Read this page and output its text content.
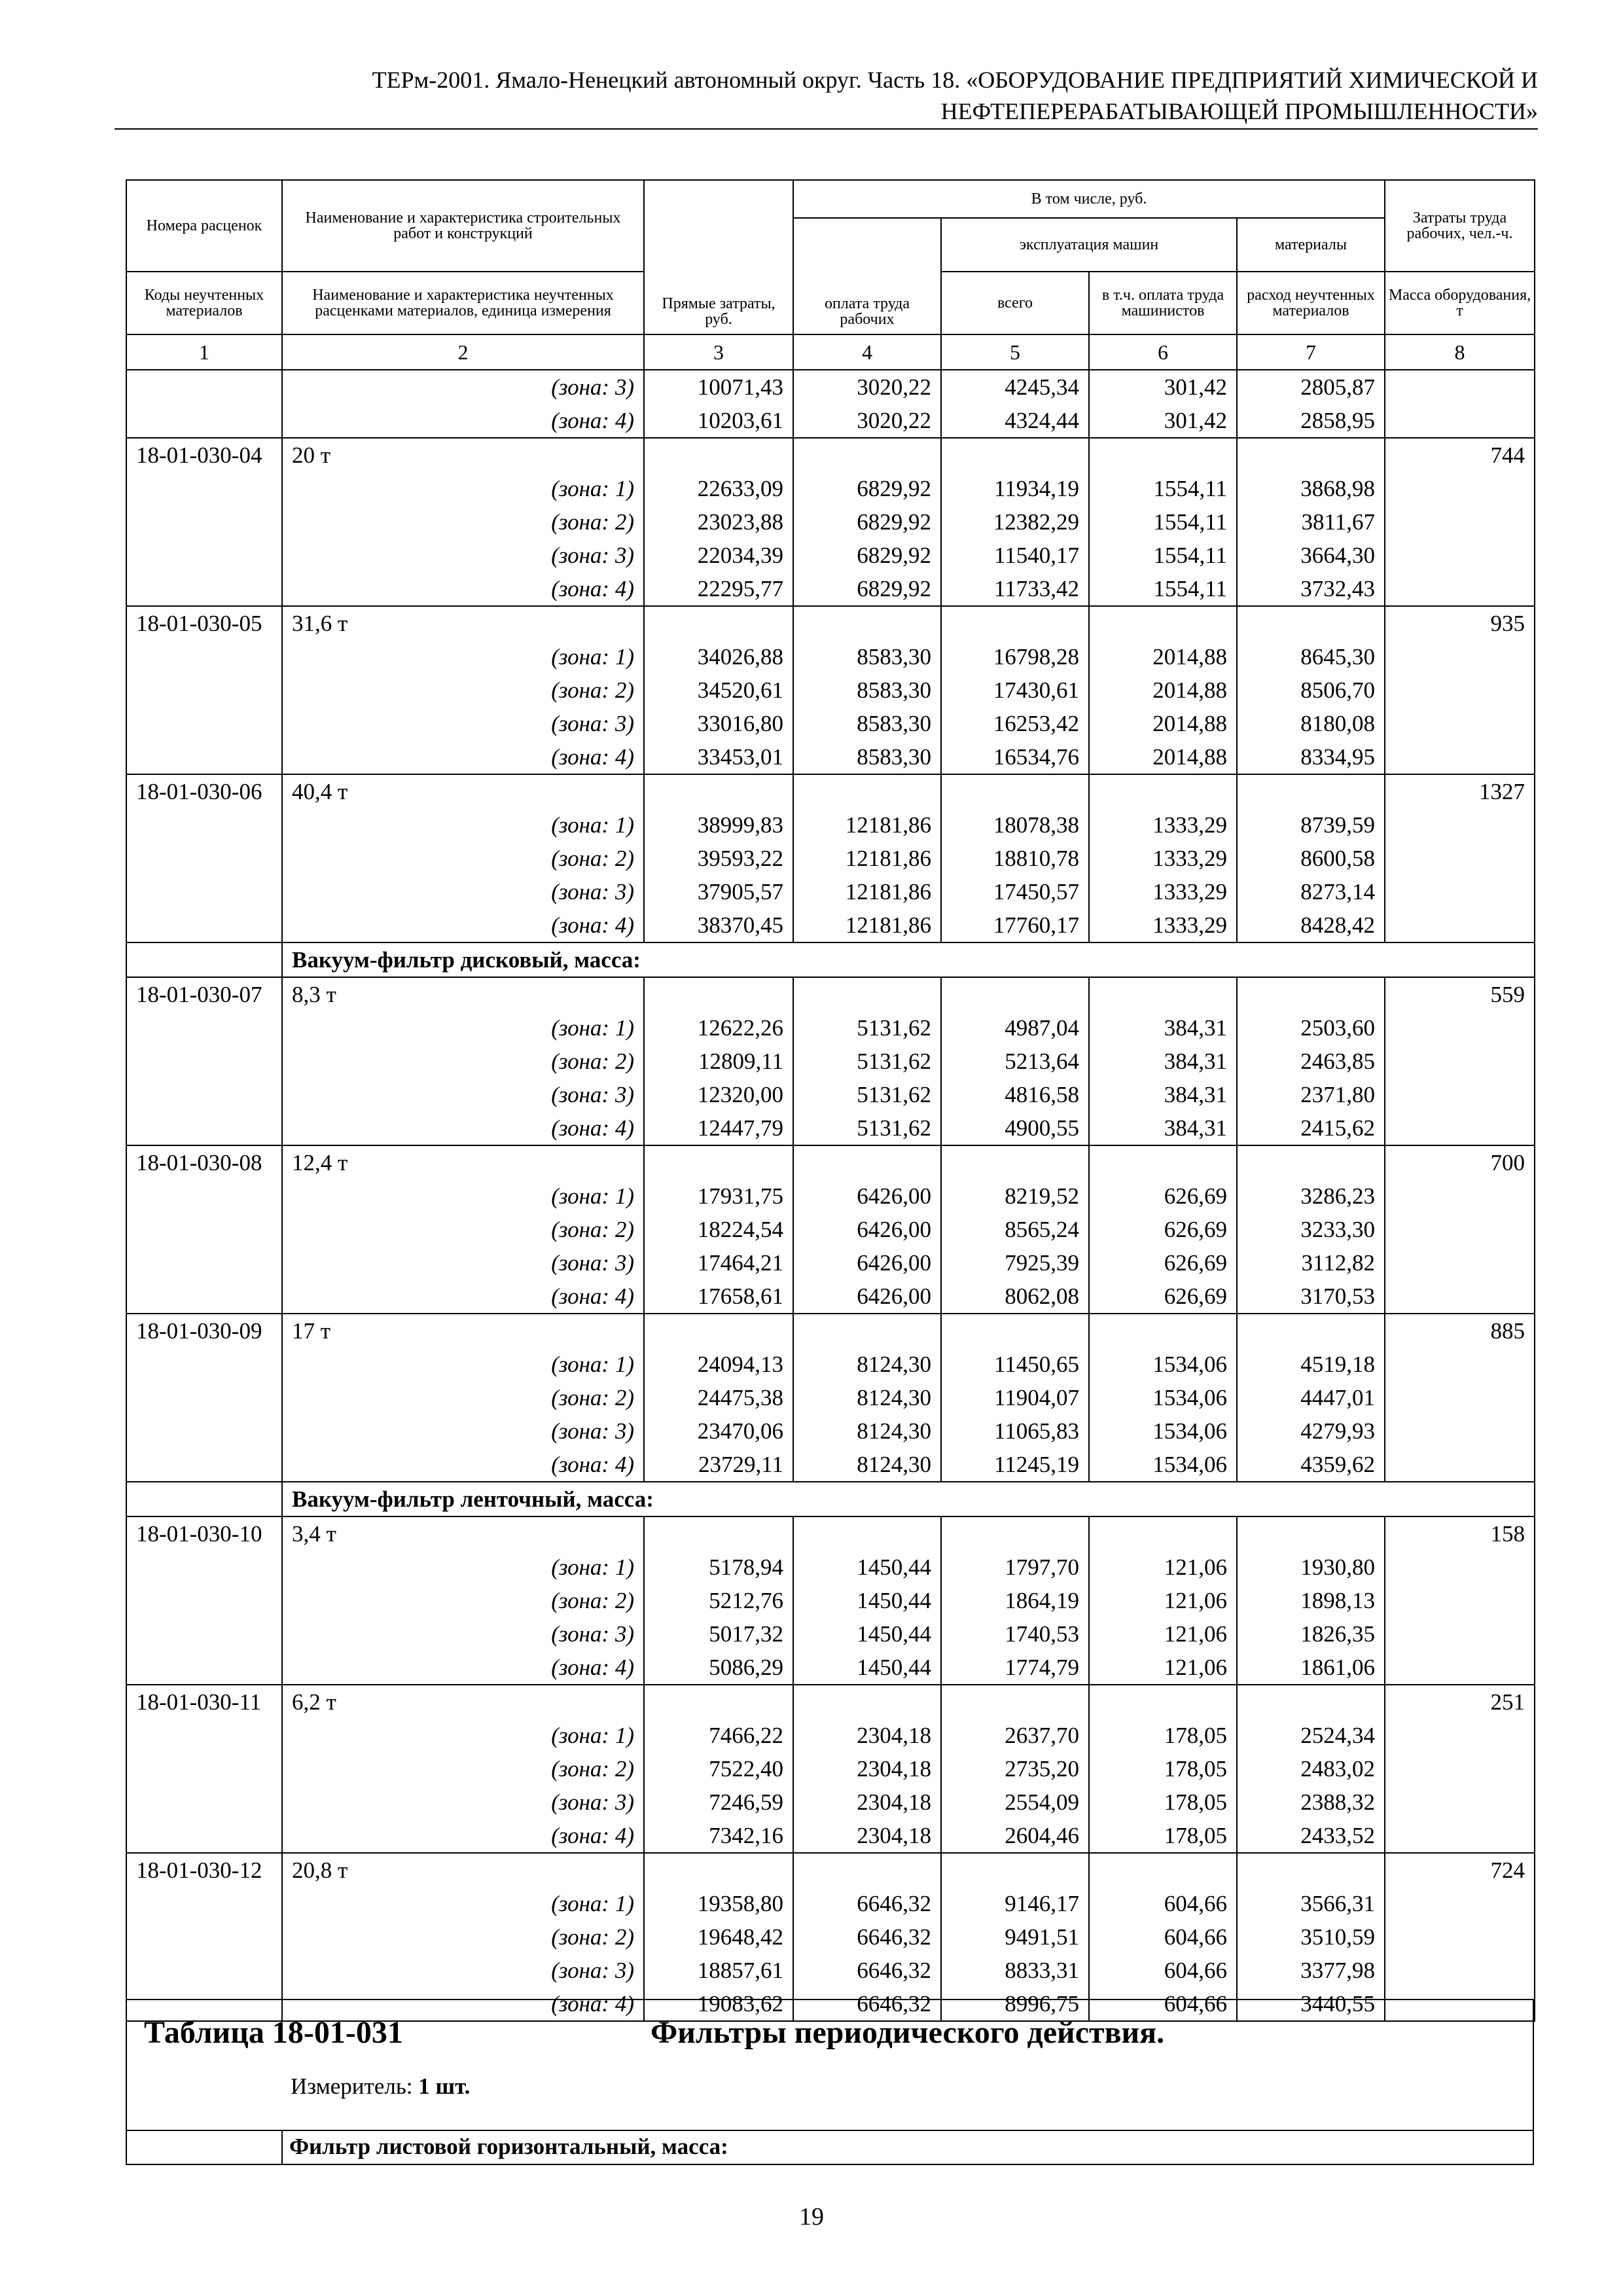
ТЕРм-2001. Ямало-Ненецкий автономный округ. Часть 18. «ОБОРУДОВАНИЕ ПРЕДПРИЯТИЙ ХИМИЧЕСКОЙ И
НЕФТЕПЕРЕРАБАТЫВАЮЩЕЙ ПРОМЫШЛЕННОСТИ»
Номера расценок	Наименование и характеристика строительных работ и конструкций	Прямые затраты, руб.	В том числе, руб.				Затраты труда рабочих, чел.-ч.
			оплата труда рабочих	эксплуатация машин		материалы	
Коды неучтенных материалов	Наименование и характеристика неучтенных расценками материалов, единица измерения			всего	в т.ч. оплата труда машинистов	расход неучтенных материалов	Масса оборудования, т
1	2	3	4	5	6	7	8
	(зона: 3)	10071,43	3020,22	4245,34	301,42	2805,87	
	(зона: 4)	10203,61	3020,22	4324,44	301,42	2858,95	
18-01-030-04	20 т						744
	(зона: 1)	22633,09	6829,92	11934,19	1554,11	3868,98	
	(зона: 2)	23023,88	6829,92	12382,29	1554,11	3811,67	
	(зона: 3)	22034,39	6829,92	11540,17	1554,11	3664,30	
	(зона: 4)	22295,77	6829,92	11733,42	1554,11	3732,43	
18-01-030-05	31,6 т						935
	(зона: 1)	34026,88	8583,30	16798,28	2014,88	8645,30	
	(зона: 2)	34520,61	8583,30	17430,61	2014,88	8506,70	
	(зона: 3)	33016,80	8583,30	16253,42	2014,88	8180,08	
	(зона: 4)	33453,01	8583,30	16534,76	2014,88	8334,95	
18-01-030-06	40,4 т						1327
	(зона: 1)	38999,83	12181,86	18078,38	1333,29	8739,59	
	(зона: 2)	39593,22	12181,86	18810,78	1333,29	8600,58	
	(зона: 3)	37905,57	12181,86	17450,57	1333,29	8273,14	
	(зона: 4)	38370,45	12181,86	17760,17	1333,29	8428,42	
	Вакуум-фильтр дисковый, масса:						
18-01-030-07	8,3 т						559
	(зона: 1)	12622,26	5131,62	4987,04	384,31	2503,60	
	(зона: 2)	12809,11	5131,62	5213,64	384,31	2463,85	
	(зона: 3)	12320,00	5131,62	4816,58	384,31	2371,80	
	(зона: 4)	12447,79	5131,62	4900,55	384,31	2415,62	
18-01-030-08	12,4 т						700
	(зона: 1)	17931,75	6426,00	8219,52	626,69	3286,23	
	(зона: 2)	18224,54	6426,00	8565,24	626,69	3233,30	
	(зона: 3)	17464,21	6426,00	7925,39	626,69	3112,82	
	(зона: 4)	17658,61	6426,00	8062,08	626,69	3170,53	
18-01-030-09	17 т						885
	(зона: 1)	24094,13	8124,30	11450,65	1534,06	4519,18	
	(зона: 2)	24475,38	8124,30	11904,07	1534,06	4447,01	
	(зона: 3)	23470,06	8124,30	11065,83	1534,06	4279,93	
	(зона: 4)	23729,11	8124,30	11245,19	1534,06	4359,62	
	Вакуум-фильтр ленточный, масса:						
18-01-030-10	3,4 т						158
	(зона: 1)	5178,94	1450,44	1797,70	121,06	1930,80	
	(зона: 2)	5212,76	1450,44	1864,19	121,06	1898,13	
	(зона: 3)	5017,32	1450,44	1740,53	121,06	1826,35	
	(зона: 4)	5086,29	1450,44	1774,79	121,06	1861,06	
18-01-030-11	6,2 т						251
	(зона: 1)	7466,22	2304,18	2637,70	178,05	2524,34	
	(зона: 2)	7522,40	2304,18	2735,20	178,05	2483,02	
	(зона: 3)	7246,59	2304,18	2554,09	178,05	2388,32	
	(зона: 4)	7342,16	2304,18	2604,46	178,05	2433,52	
18-01-030-12	20,8 т						724
	(зона: 1)	19358,80	6646,32	9146,17	604,66	3566,31	
	(зона: 2)	19648,42	6646,32	9491,51	604,66	3510,59	
	(зона: 3)	18857,61	6646,32	8833,31	604,66	3377,98	
	(зона: 4)	19083,62	6646,32	8996,75	604,66	3440,55	
Таблица 18-01-031	Фильтры периодического действия.
Измеритель: 1 шт.
Фильтр листовой горизонтальный, масса:
19
